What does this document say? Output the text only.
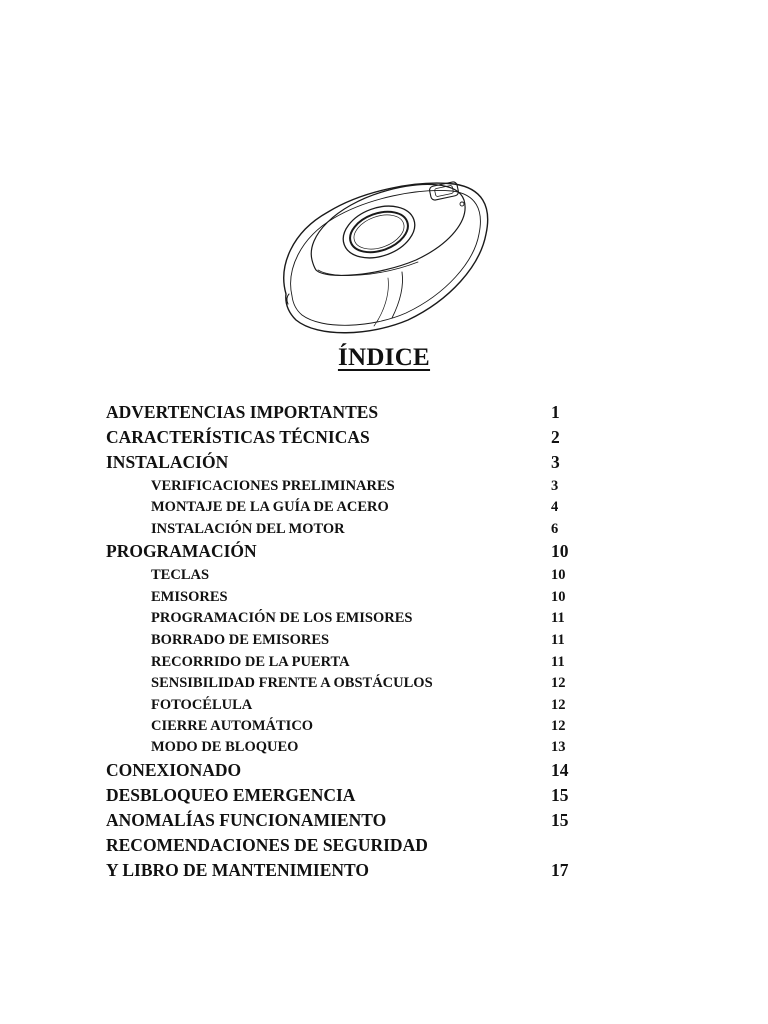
ÍNDICE
ADVERTENCIAS IMPORTANTES	1
CARACTERÍSTICAS TÉCNICAS	2
INSTALACIÓN	3
VERIFICACIONES PRELIMINARES	3
MONTAJE DE LA GUÍA DE ACERO	4
INSTALACIÓN DEL MOTOR	6
PROGRAMACIÓN	10
TECLAS	10
EMISORES	10
PROGRAMACIÓN DE LOS EMISORES	11
BORRADO DE EMISORES	11
RECORRIDO DE LA PUERTA	11
SENSIBILIDAD FRENTE A OBSTÁCULOS	12
FOTOCÉLULA	12
CIERRE AUTOMÁTICO	12
MODO DE BLOQUEO	13
CONEXIONADO	14
DESBLOQUEO EMERGENCIA	15
ANOMALÍAS FUNCIONAMIENTO	15
RECOMENDACIONES DE SEGURIDAD
Y LIBRO DE MANTENIMIENTO	17
